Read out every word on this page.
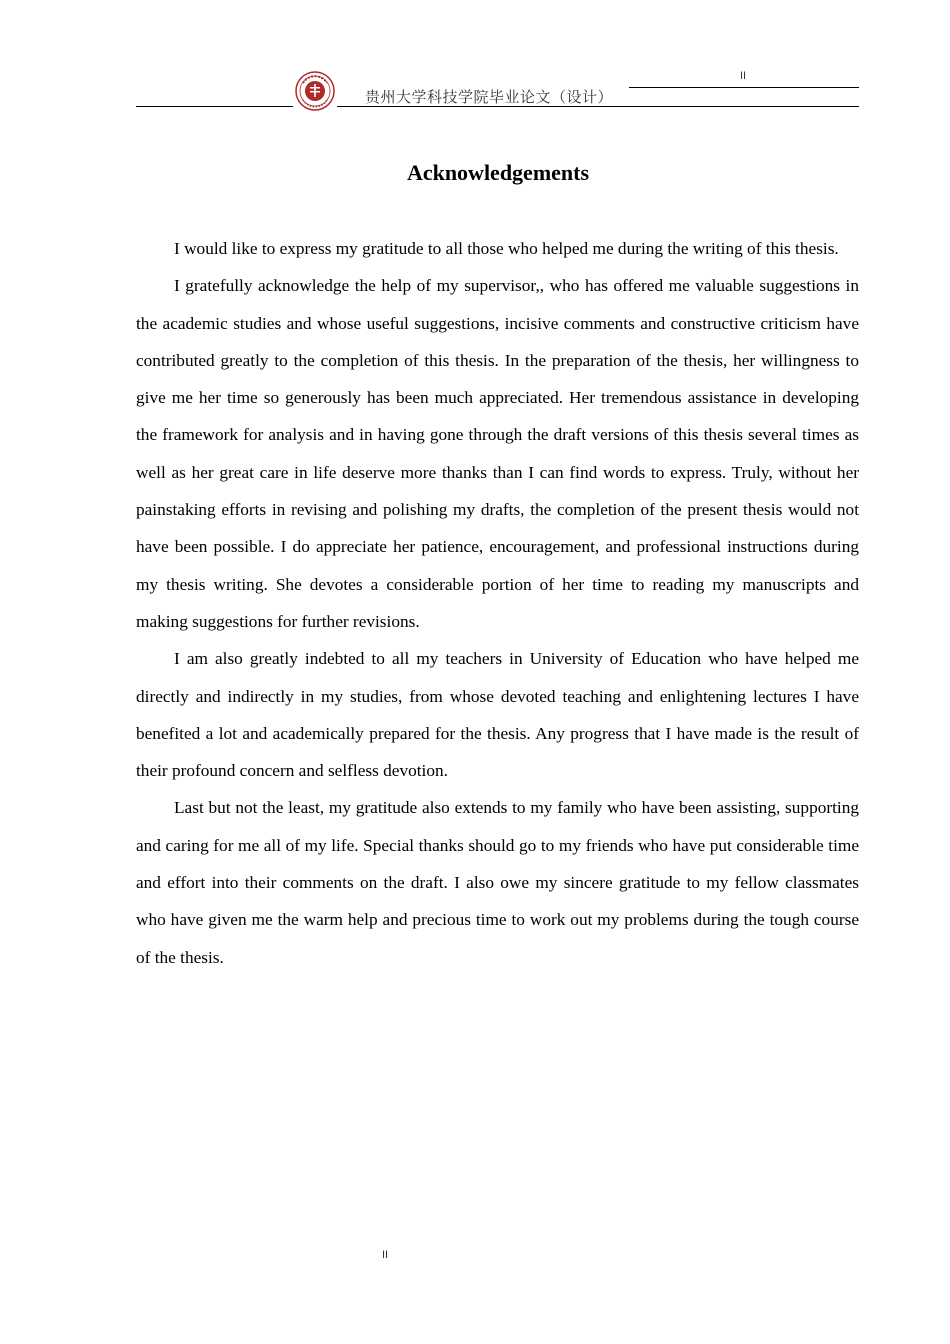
贵州大学科技学院毕业论文（设计）
II
Acknowledgements

I would like to express my gratitude to all those who helped me during the writing of this thesis.

I gratefully acknowledge the help of my supervisor,, who has offered me valuable suggestions in the academic studies and whose useful suggestions, incisive comments and constructive criticism have contributed greatly to the completion of this thesis. In the preparation of the thesis, her willingness to give me her time so generously has been much appreciated. Her tremendous assistance in developing the framework for analysis and in having gone through the draft versions of this thesis several times as well as her great care in life deserve more thanks than I can find words to express. Truly, without her painstaking efforts in revising and polishing my drafts, the completion of the present thesis would not have been possible. I do appreciate her patience, encouragement, and professional instructions during my thesis writing. She devotes a considerable portion of her time to reading my manuscripts and making suggestions for further revisions.

I am also greatly indebted to all my teachers in University of Education who have helped me directly and indirectly in my studies, from whose devoted teaching and enlightening lectures I have benefited a lot and academically prepared for the thesis. Any progress that I have made is the result of their profound concern and selfless devotion.

Last but not the least, my gratitude also extends to my family who have been assisting, supporting and caring for me all of my life. Special thanks should go to my friends who have put considerable time and effort into their comments on the draft. I also owe my sincere gratitude to my fellow classmates who have given me the warm help and precious time to work out my problems during the tough course of the thesis.

II
